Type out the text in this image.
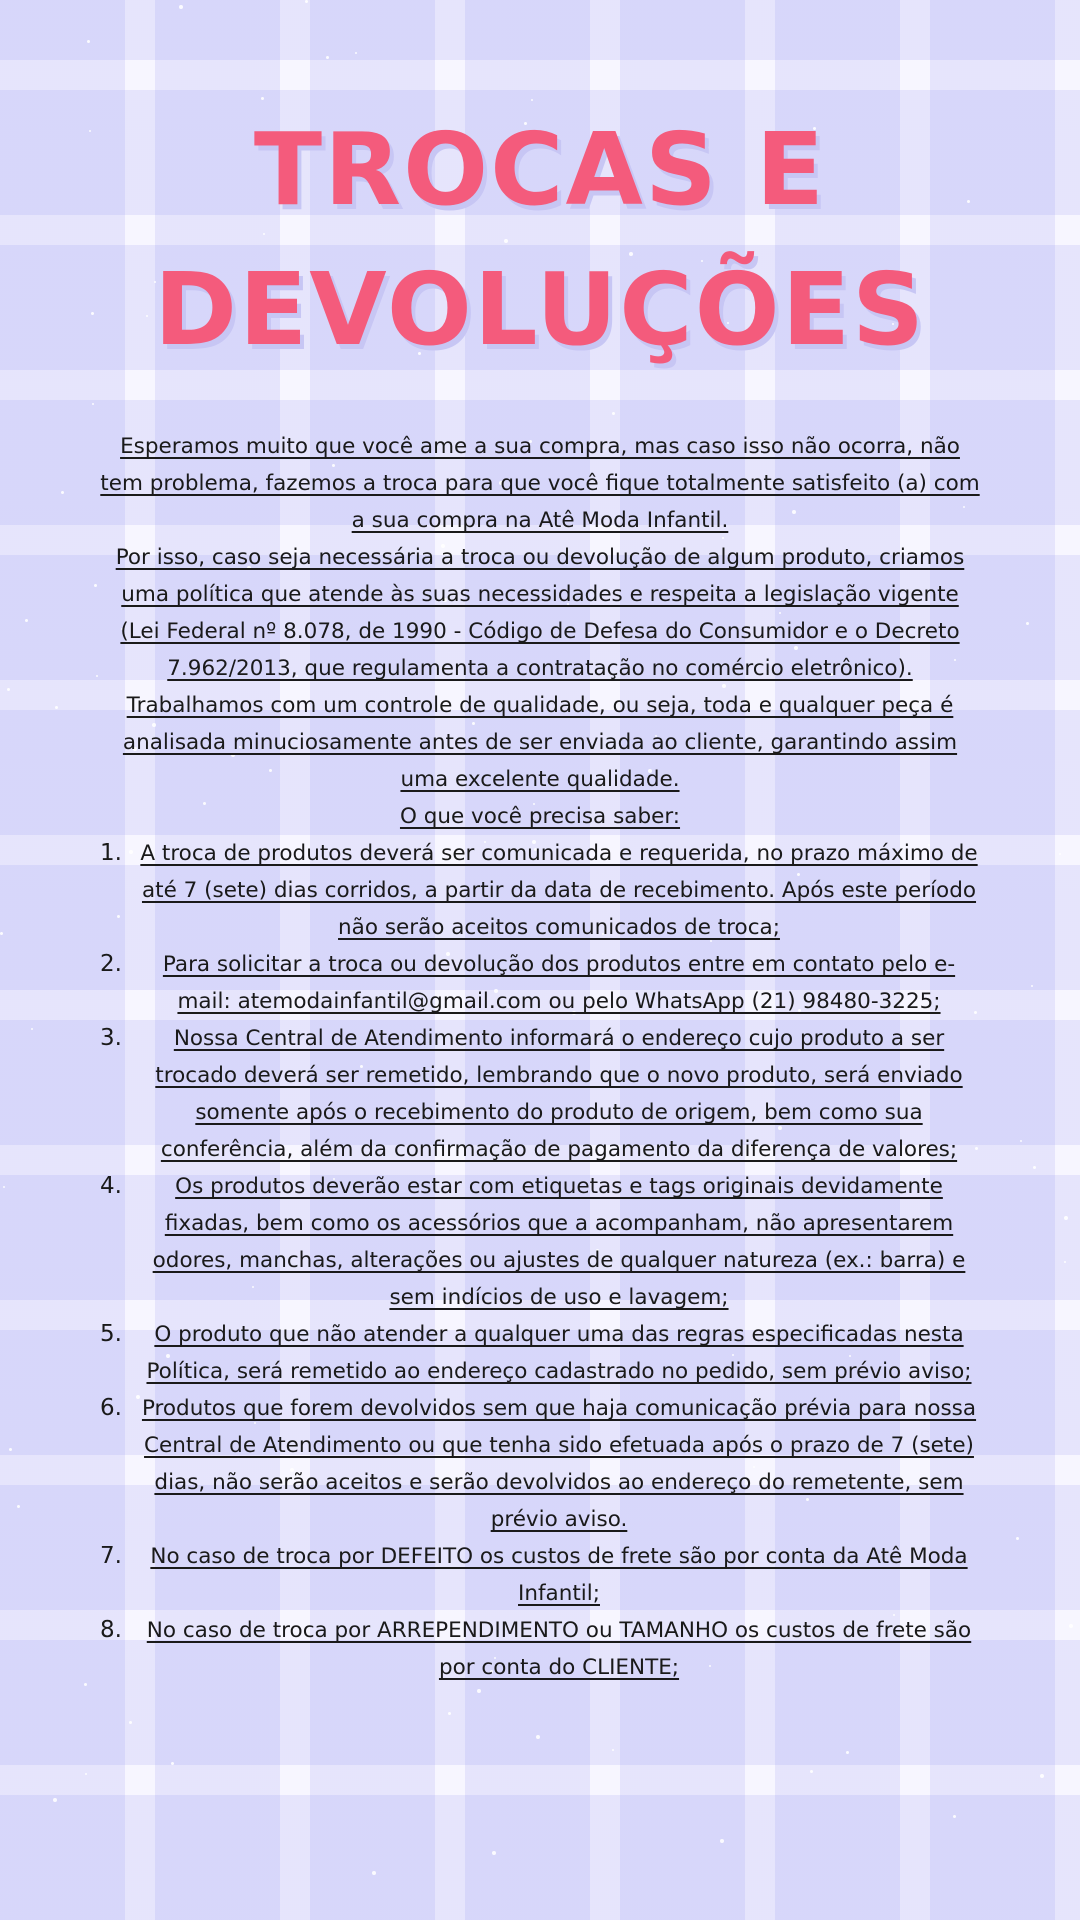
TROCAS E
DEVOLUÇÕES

Esperamos muito que você ame a sua compra, mas caso isso não ocorra, não tem problema, fazemos a troca para que você fique totalmente satisfeito (a) com a sua compra na Atê Moda Infantil.

Por isso, caso seja necessária a troca ou devolução de algum produto, criamos uma política que atende às suas necessidades e respeita a legislação vigente (Lei Federal nº 8.078, de 1990 - Código de Defesa do Consumidor e o Decreto 7.962/2013, que regulamenta a contratação no comércio eletrônico). Trabalhamos com um controle de qualidade, ou seja, toda e qualquer peça é analisada minuciosamente antes de ser enviada ao cliente, garantindo assim uma excelente qualidade.

O que você precisa saber:

1. A troca de produtos deverá ser comunicada e requerida, no prazo máximo de até 7 (sete) dias corridos, a partir da data de recebimento. Após este período não serão aceitos comunicados de troca;
2. Para solicitar a troca ou devolução dos produtos entre em contato pelo e-mail: atemodainfantil@gmail.com ou pelo WhatsApp (21) 98480-3225;
3. Nossa Central de Atendimento informará o endereço cujo produto a ser trocado deverá ser remetido, lembrando que o novo produto, será enviado somente após o recebimento do produto de origem, bem como sua conferência, além da confirmação de pagamento da diferença de valores;
4. Os produtos deverão estar com etiquetas e tags originais devidamente fixadas, bem como os acessórios que a acompanham, não apresentarem odores, manchas, alterações ou ajustes de qualquer natureza (ex.: barra) e sem indícios de uso e lavagem;
5. O produto que não atender a qualquer uma das regras especificadas nesta Política, será remetido ao endereço cadastrado no pedido, sem prévio aviso;
6. Produtos que forem devolvidos sem que haja comunicação prévia para nossa Central de Atendimento ou que tenha sido efetuada após o prazo de 7 (sete) dias, não serão aceitos e serão devolvidos ao endereço do remetente, sem prévio aviso.
7. No caso de troca por DEFEITO os custos de frete são por conta da Atê Moda Infantil;
8. No caso de troca por ARREPENDIMENTO ou TAMANHO os custos de frete são por conta do CLIENTE;
